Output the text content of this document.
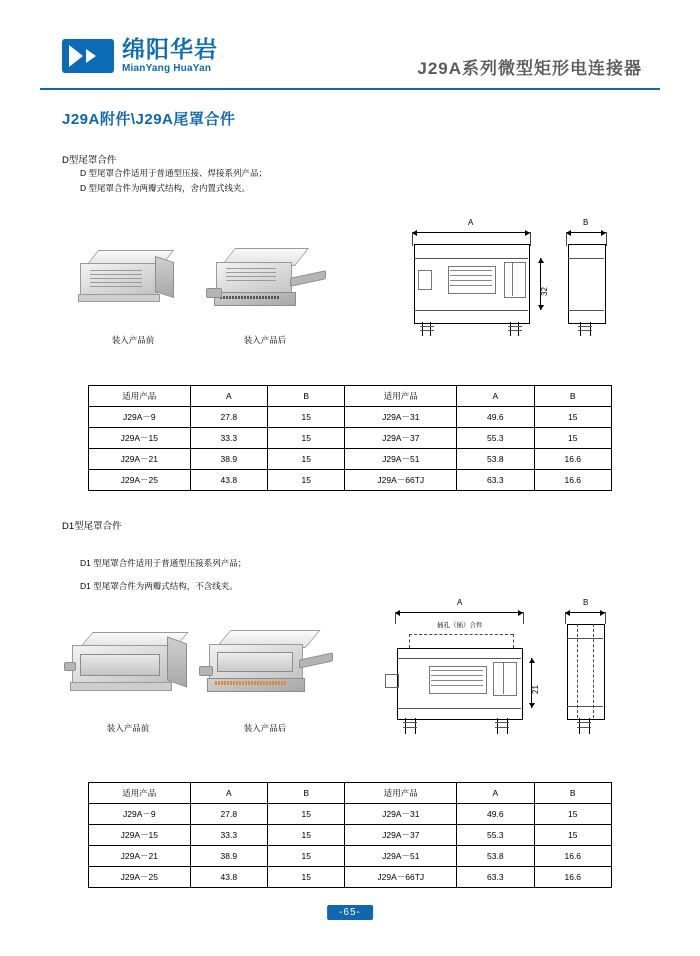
绵阳华岩
MianYang HuaYan	J29A系列微型矩形电连接器
J29A附件\J29A尾罩合件
D型尾罩合件
D 型尾罩合件适用于普通型压接、焊接系列产品；
D 型尾罩合件为两瓣式结构，舍内置式线夹。
装入产品前	装入产品后
A
32
B
适用产品	A	B	适用产品	A	B
J29A－9	27.8	15	J29A－31	49.6	15
J29A－15	33.3	15	J29A－37	55.3	15
J29A－21	38.9	15	J29A－51	53.8	16.6
J29A－25	43.8	15	J29A－66TJ	63.3	16.6
D1型尾罩合件
D1 型尾罩合件适用于普通型压接系列产品；
D1 型尾罩合件为两瓣式结构，不含线夹。
装入产品前	装入产品后
A
插孔（插）合件
21
B
适用产品	A	B	适用产品	A	B
J29A－9	27.8	15	J29A－31	49.6	15
J29A－15	33.3	15	J29A－37	55.3	15
J29A－21	38.9	15	J29A－51	53.8	16.6
J29A－25	43.8	15	J29A－66TJ	63.3	16.6
-65-
